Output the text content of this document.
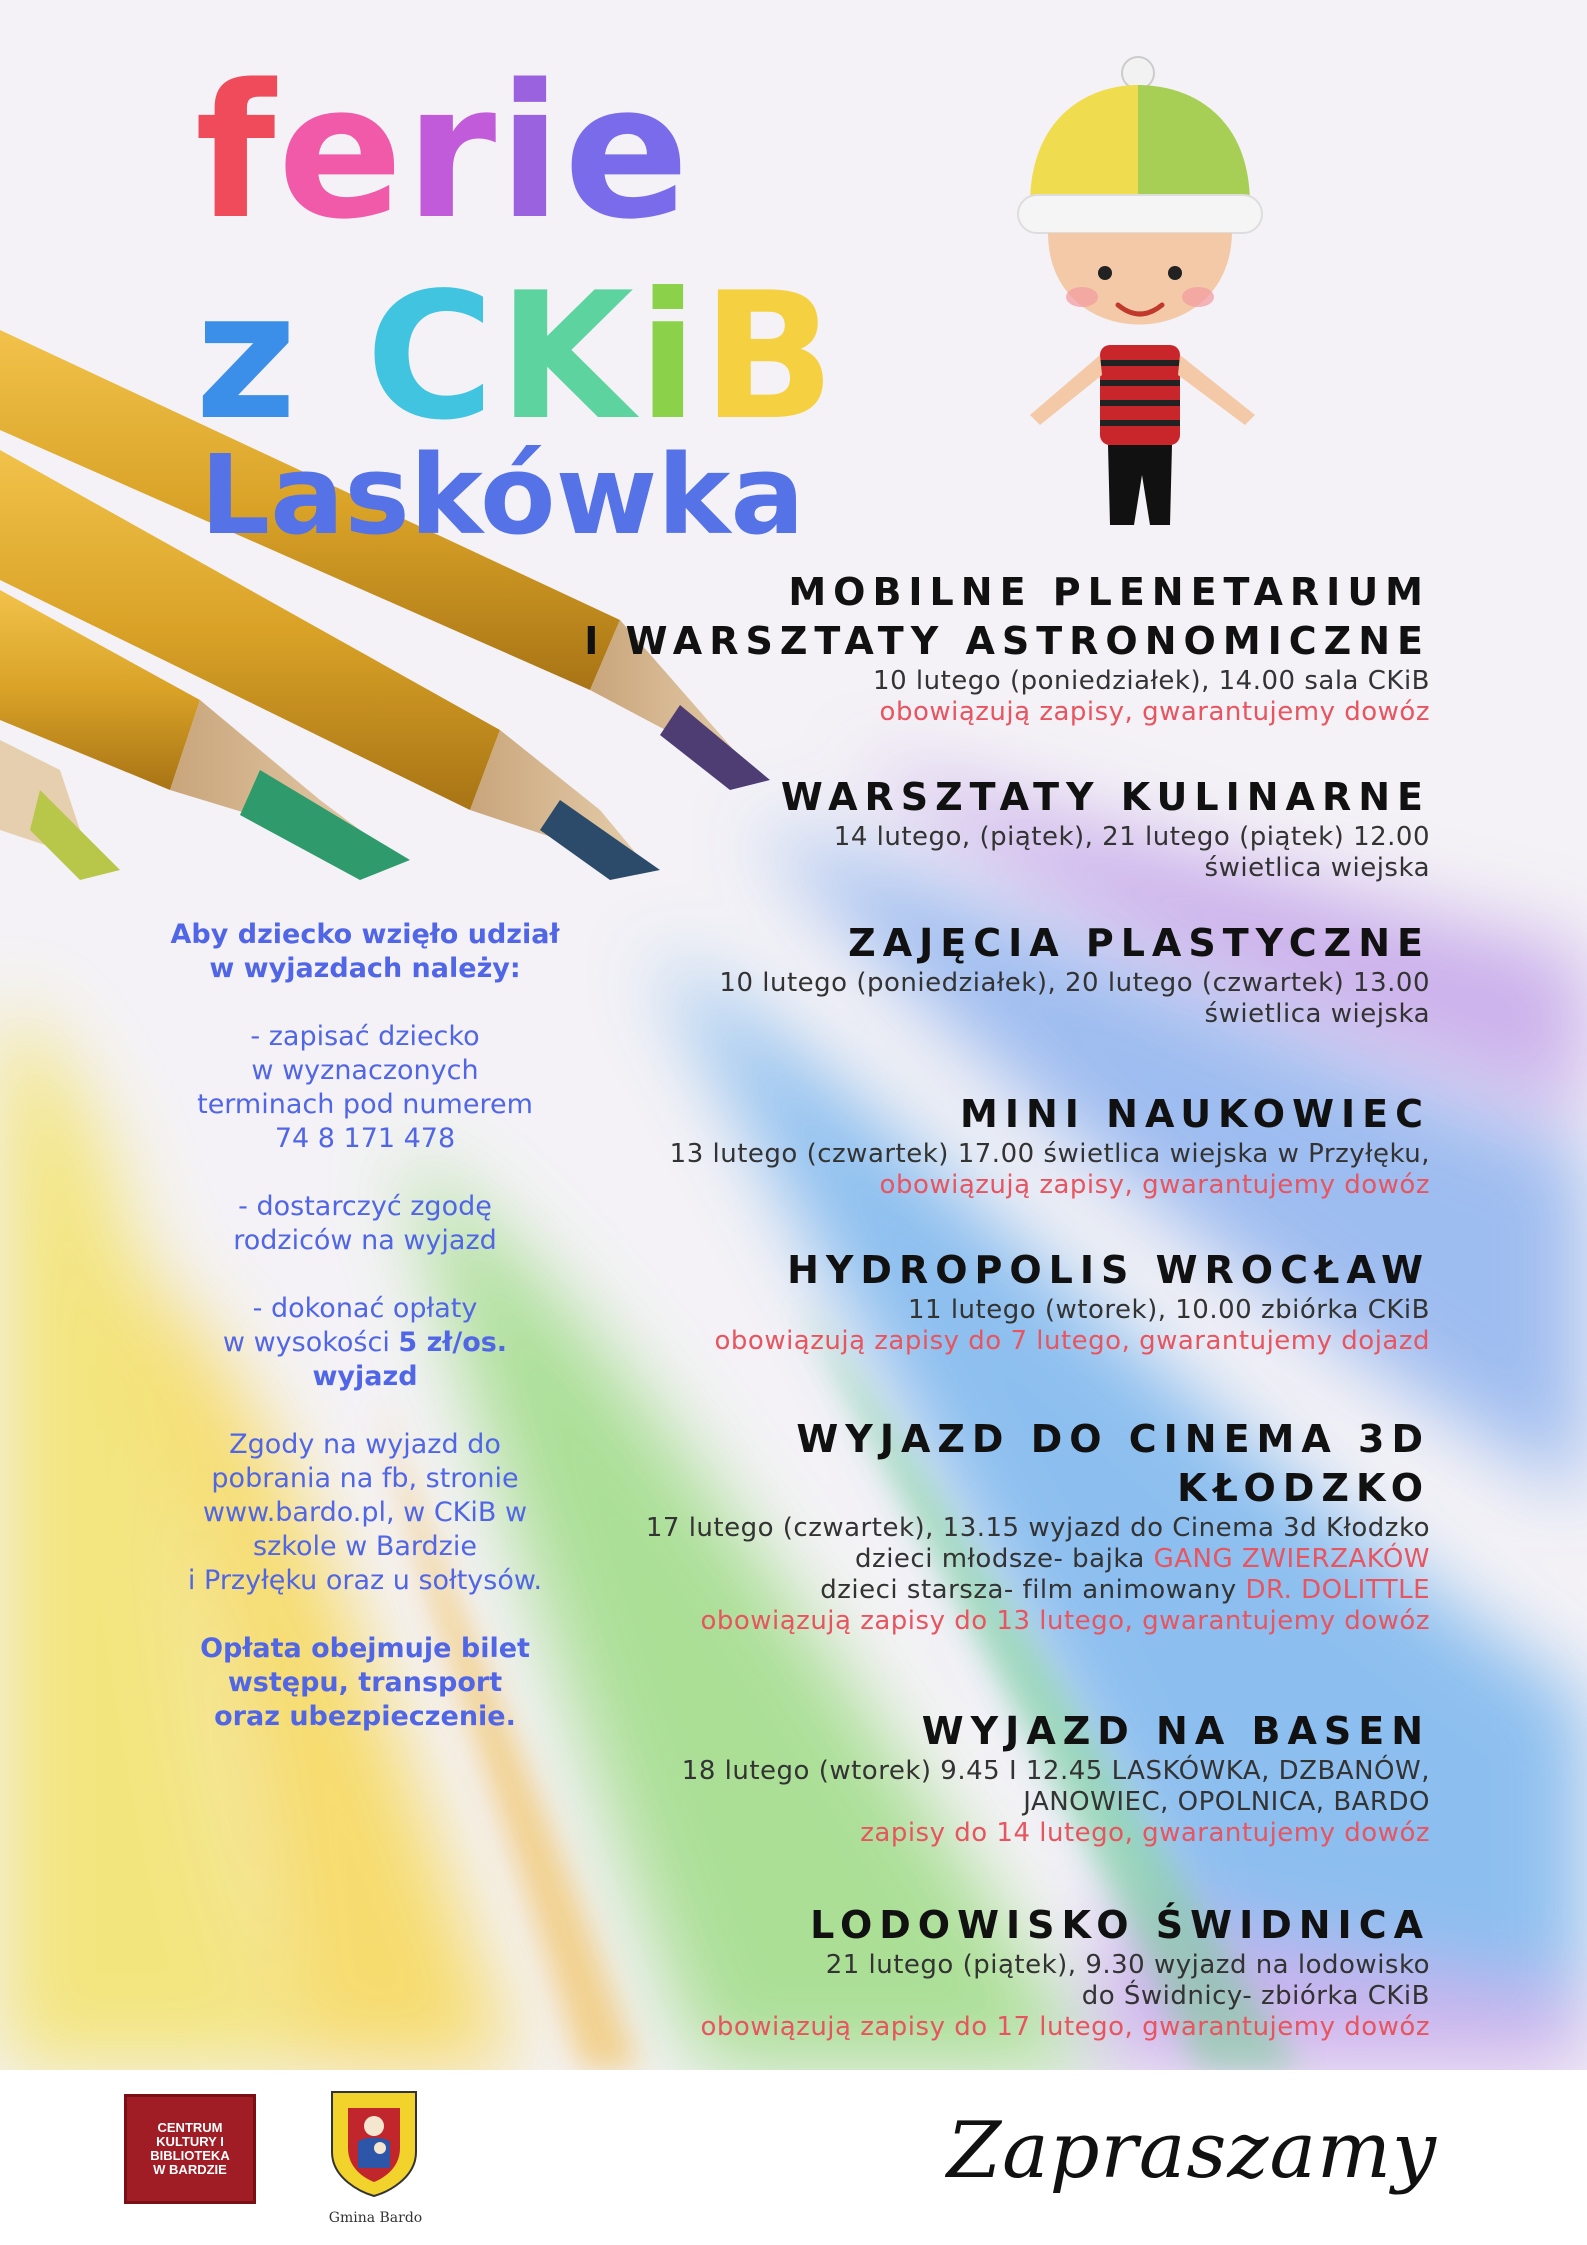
ferie
z CKiB
Laskówka
MOBILNE PLENETARIUM
I WARSZTATY ASTRONOMICZNE
10 lutego (poniedziałek), 14.00 sala CKiB
obowiązują zapisy, gwarantujemy dowóz
WARSZTATY KULINARNE
14 lutego, (piątek), 21 lutego (piątek) 12.00
świetlica wiejska
ZAJĘCIA PLASTYCZNE
10 lutego (poniedziałek), 20 lutego (czwartek) 13.00
świetlica wiejska
MINI NAUKOWIEC
13 lutego (czwartek) 17.00 świetlica wiejska w Przyłęku,
obowiązują zapisy, gwarantujemy dowóz
HYDROPOLIS WROCŁAW
11 lutego (wtorek), 10.00 zbiórka CKiB
obowiązują zapisy do 7 lutego, gwarantujemy dojazd
WYJAZD DO CINEMA 3D KŁODZKO
17 lutego (czwartek), 13.15 wyjazd do Cinema 3d Kłodzko
dzieci młodsze- bajka GANG ZWIERZAKÓW
dzieci starsza- film animowany DR. DOLITTLE
obowiązują zapisy do 13 lutego, gwarantujemy dowóz
WYJAZD NA BASEN
18 lutego (wtorek) 9.45 I 12.45 LASKÓWKA, DZBANÓW,
JANOWIEC, OPOLNICA, BARDO
zapisy do 14 lutego, gwarantujemy dowóz
LODOWISKO ŚWIDNICA
21 lutego (piątek), 9.30 wyjazd na lodowisko
do Świdnicy- zbiórka CKiB
obowiązują zapisy do 17 lutego, gwarantujemy dowóz

Aby dziecko wzięło udział

w wyjazdach należy:

- zapisać dziecko

w wyznaczonych

terminach pod numerem

74 8 171 478

- dostarczyć zgodę

rodziców na wyjazd

- dokonać opłaty

w wysokości 5 zł/os.

wyjazd

Zgody na wyjazd do

pobrania na fb, stronie

www.bardo.pl, w CKiB w

szkole w Bardzie

i Przyłęku oraz u sołtysów.

Opłata obejmuje bilet

wstępu, transport

oraz ubezpieczenie.

CENTRUM
KULTURY I
BIBLIOTEKA
W BARDZIE
Gmina Bardo
Zapraszamy
